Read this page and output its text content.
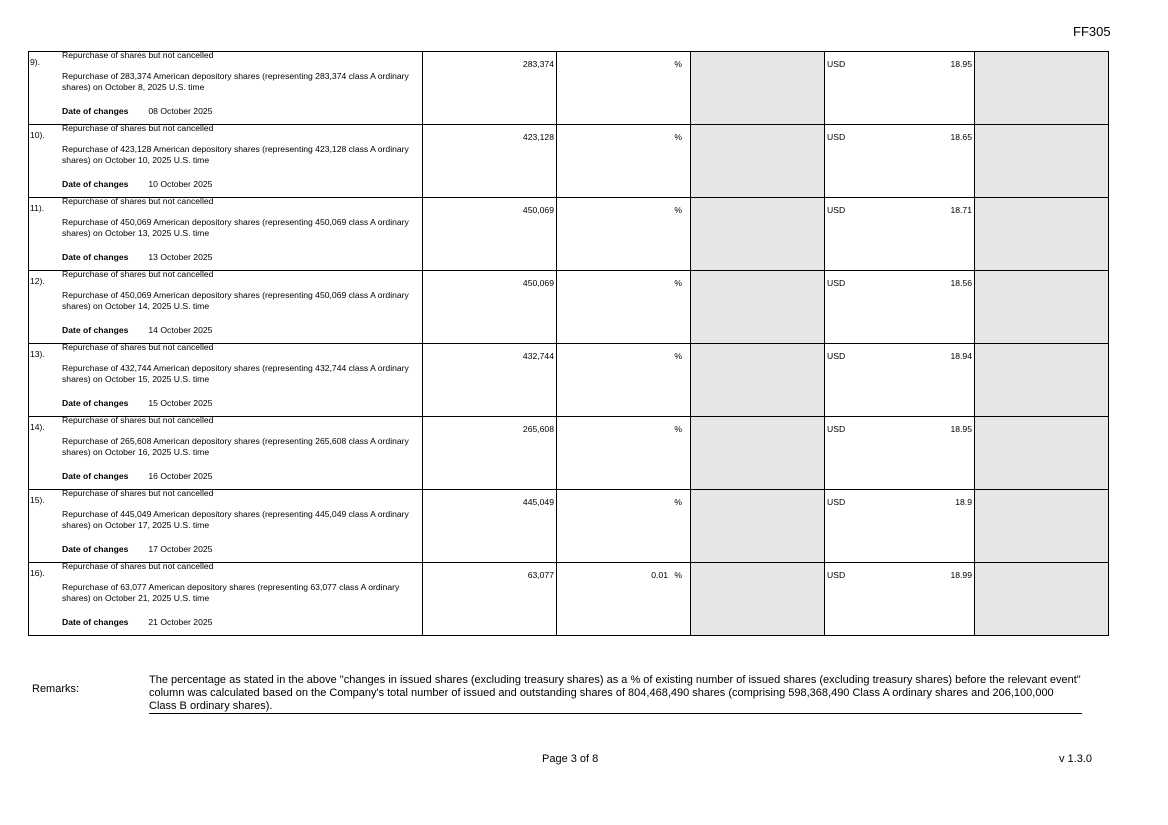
FF305
9).
Repurchase of shares but not cancelled
Repurchase of 283,374 American depository shares (representing 283,374 class A ordinary shares) on October 8, 2025 U.S. time
Date of changes 08 October 2025	283,374	%		USD 18.95	

10).
Repurchase of shares but not cancelled
Repurchase of 423,128 American depository shares (representing 423,128 class A ordinary shares) on October 10, 2025 U.S. time
Date of changes 10 October 2025	423,128	%		USD 18.65	

11).
Repurchase of shares but not cancelled
Repurchase of 450,069 American depository shares (representing 450,069 class A ordinary shares) on October 13, 2025 U.S. time
Date of changes 13 October 2025	450,069	%		USD 18.71	

12).
Repurchase of shares but not cancelled
Repurchase of 450,069 American depository shares (representing 450,069 class A ordinary shares) on October 14, 2025 U.S. time
Date of changes 14 October 2025	450,069	%		USD 18.56	

13).
Repurchase of shares but not cancelled
Repurchase of 432,744 American depository shares (representing 432,744 class A ordinary shares) on October 15, 2025 U.S. time
Date of changes 15 October 2025	432,744	%		USD 18.94	

14).
Repurchase of shares but not cancelled
Repurchase of 265,608 American depository shares (representing 265,608 class A ordinary shares) on October 16, 2025 U.S. time
Date of changes 16 October 2025	265,608	%		USD 18.95	

15).
Repurchase of shares but not cancelled
Repurchase of 445,049 American depository shares (representing 445,049 class A ordinary shares) on October 17, 2025 U.S. time
Date of changes 17 October 2025	445,049	%		USD 18.9	

16).
Repurchase of shares but not cancelled
Repurchase of 63,077 American depository shares (representing 63,077 class A ordinary shares) on October 21, 2025 U.S. time
Date of changes 21 October 2025	63,077	0.01 %		USD 18.99	

Remarks:
The percentage as stated in the above "changes in issued shares (excluding treasury shares) as a % of existing number of issued shares (excluding treasury shares) before the relevant event" column was calculated based on the Company's total number of issued and outstanding shares of 804,468,490 shares (comprising 598,368,490 Class A ordinary shares and 206,100,000 Class B ordinary shares).
Page 3 of 8	v 1.3.0
